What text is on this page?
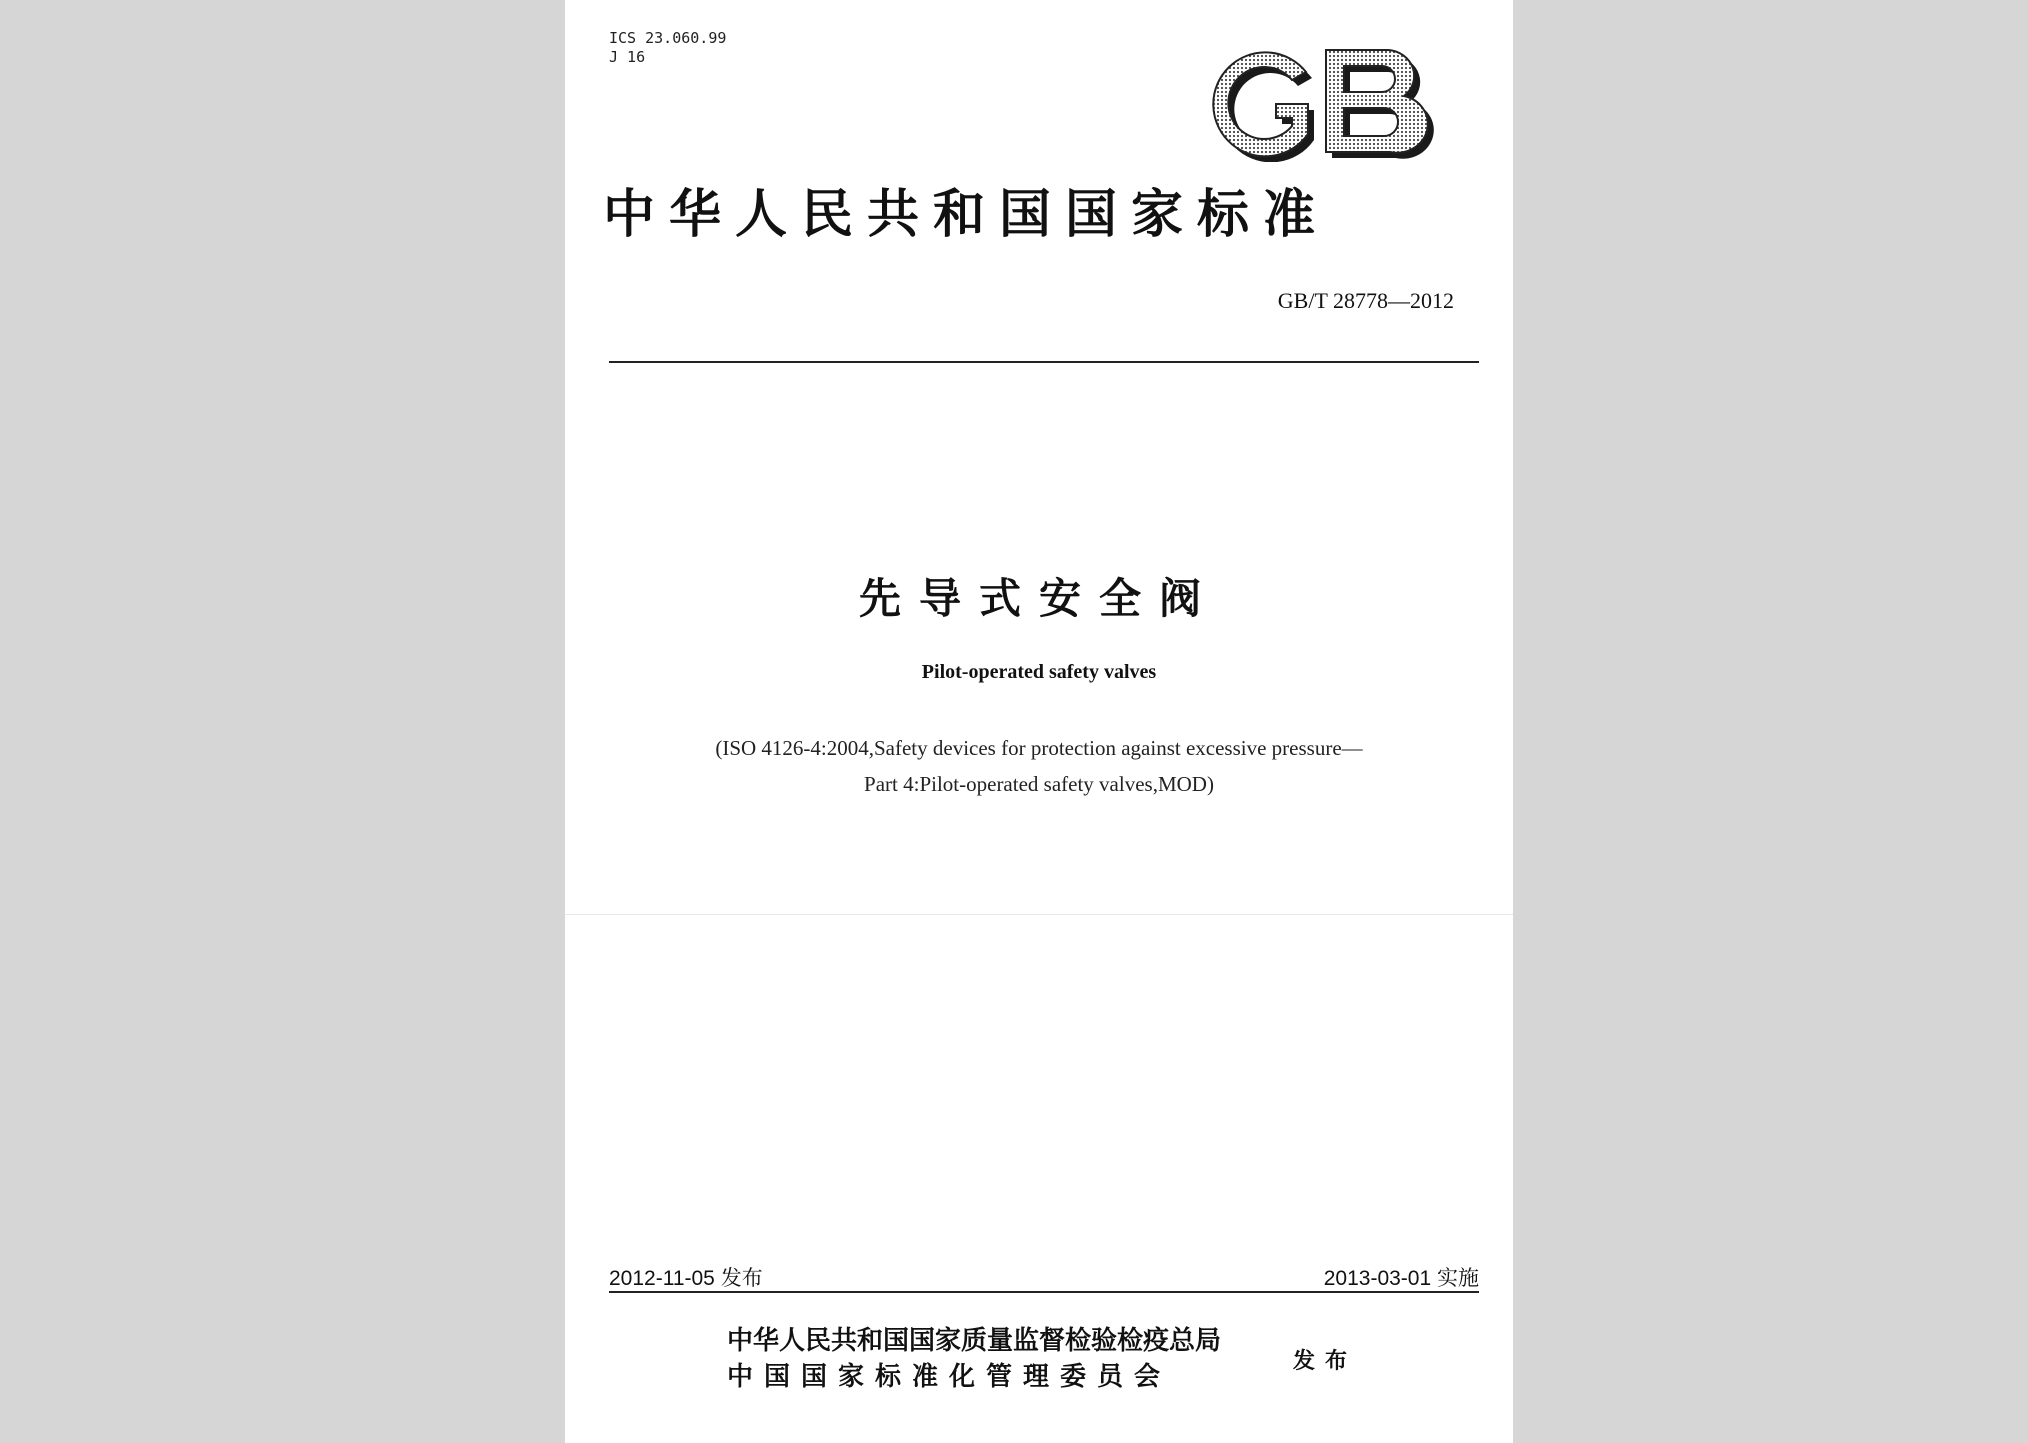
ICS 23.060.99
J 16
中华人民共和国国家标准
GB/T 28778—2012
先导式安全阀
Pilot-operated safety valves
(ISO 4126-4:2004,Safety devices for protection against excessive pressure—
Part 4:Pilot-operated safety valves,MOD)
2012-11-05 发布	2013-03-01 实施
中华人民共和国国家质量监督检验检疫总局
中国国家标准化管理委员会
发布
